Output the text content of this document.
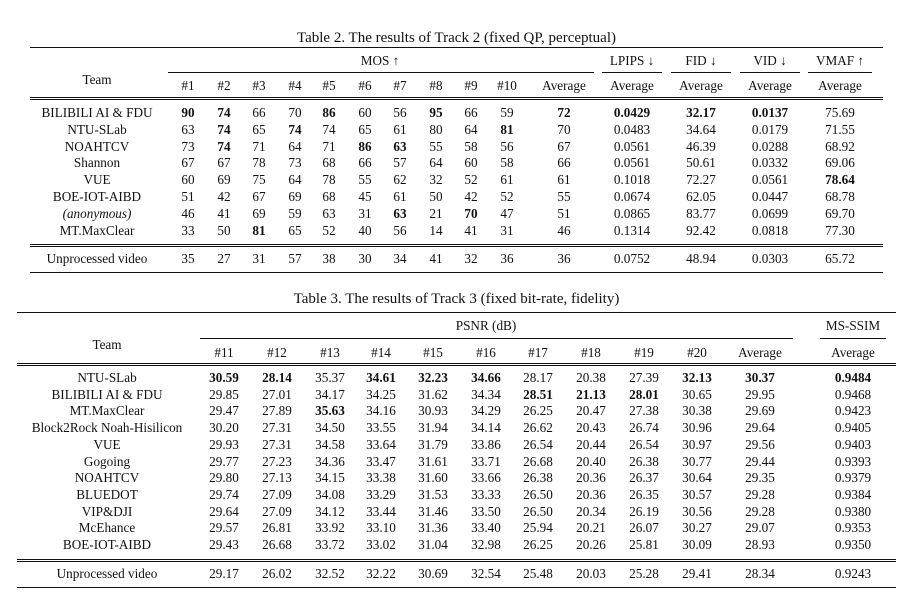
Table 2. The results of Track 2 (fixed QP, perceptual)
Team
MOS ↑	LPIPS ↓ FID ↓	VID ↓ VMAF ↑
#1 #2 #3 #4 #5 #6 #7 #8 #9 #10 Average Average Average Average Average
BILIBILI AI & FDU 90 74 66 70 86 60 56 95 66 59	72	0.0429	32.17	0.0137	75.69
NTU-SLab	63 74 65 74 74 65 61 80 64 81	70	0.0483	34.64	0.0179	71.55
NOAHTCV	73 74 71 64 71 86 63 55 58 56	67	0.0561	46.39	0.0288	68.92
Shannon	67 67 78 73 68 66 57 64 60 58	66	0.0561	50.61	0.0332	69.06
VUE	60 69 75 64 78 55 62 32 52 61	61	0.1018	72.27	0.0561	78.64
BOE-IOT-AIBD	51 42 67 69 68 45 61 50 42 52	55	0.0674	62.05	0.0447	68.78
(anonymous)	46 41 69 59 63 31 63 21 70 47	51	0.0865	83.77	0.0699	69.70
MT.MaxClear	33 50 81 65 52 40 56 14 41 31	46	0.1314	92.42	0.0818	77.30
Unprocessed video	35 27 31 57 38 30 34 41 32 36	36	0.0752	48.94	0.0303	65.72
Table 3. The results of Track 3 (fixed bit-rate, fidelity)
Team
PSNR (dB)	MS-SSIM
#11	#12	#13 #14 #15	#16 #17	#18	#19	#20 Average	Average
NTU-SLab	30.59 28.14 35.37 34.61 32.23 34.66 28.17 20.38 27.39 32.13	30.37	0.9484
BILIBILI AI & FDU	29.85 27.01 34.17 34.25 31.62 34.34 28.51 21.13 28.01 30.65	29.95	0.9468
MT.MaxClear	29.47 27.89 35.63 34.16 30.93 34.29 26.25 20.47 27.38 30.38	29.69	0.9423
Block2Rock Noah-Hisilicon 30.20 27.31 34.50 33.55 31.94 34.14 26.62 20.43 26.74 30.96	29.64	0.9405
VUE	29.93 27.31 34.58 33.64 31.79 33.86 26.54 20.44 26.54 30.97	29.56	0.9403
Gogoing	29.77 27.23 34.36 33.47 31.61 33.71 26.68 20.40 26.38 30.77	29.44	0.9393
NOAHTCV	29.80 27.13 34.15 33.38 31.60 33.66 26.38 20.36 26.37 30.64	29.35	0.9379
BLUEDOT	29.74 27.09 34.08 33.29 31.53 33.33 26.50 20.36 26.35 30.57	29.28	0.9384
VIP&DJI	29.64 27.09 34.12 33.44 31.46 33.50 26.50 20.34 26.19 30.56	29.28	0.9380
McEhance	29.57 26.81 33.92 33.10 31.36 33.40 25.94 20.21 26.07 30.27	29.07	0.9353
BOE-IOT-AIBD	29.43 26.68 33.72 33.02 31.04 32.98 26.25 20.26 25.81 30.09	28.93	0.9350
Unprocessed video	29.17 26.02 32.52 32.22 30.69 32.54 25.48 20.03 25.28 29.41	28.34	0.9243
